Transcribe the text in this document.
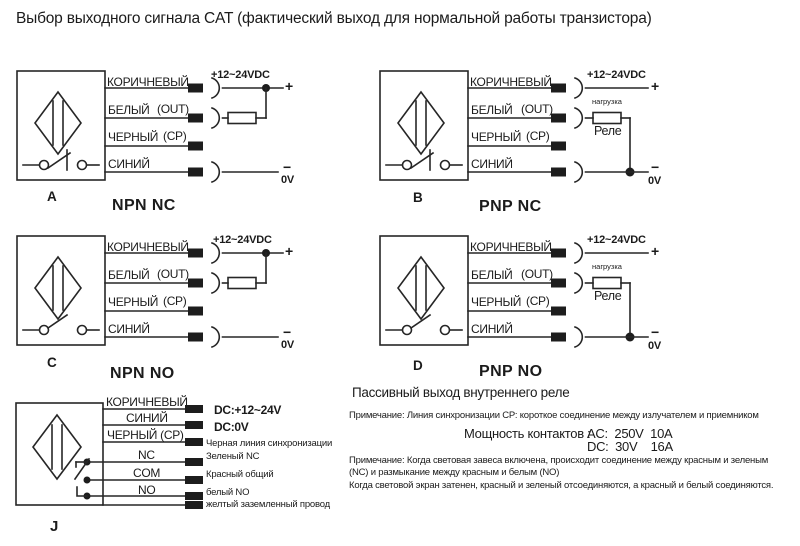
Выбор выходного сигнала CAT (фактический выход для нормальной работы транзистора)
КОРИЧНЕВЫЙ
БЕЛЫЙ (OUT)
ЧЕРНЫЙ (СР)
СИНИЙ
+12~24VDC
+
−
0V
A
NPN NC
КОРИЧНЕВЫЙ
БЕЛЫЙ (OUT)
ЧЕРНЫЙ (СР)
СИНИЙ
+12~24VDC
+
−
0V
нагрузка
Реле
B
PNP NC
КОРИЧНЕВЫЙ
БЕЛЫЙ (OUT)
ЧЕРНЫЙ (СР)
СИНИЙ
+12~24VDC
+
−
0V
C
NPN NO
КОРИЧНЕВЫЙ
БЕЛЫЙ (OUT)
ЧЕРНЫЙ (СР)
СИНИЙ
+12~24VDC
+
−
0V
нагрузка
Реле
D	PNP NO
КОРИЧНЕВЫЙ
СИНИЙ
ЧЕРНЫЙ (СР)
NC
COM
NO
DC:+12~24V
DC:0V
Черная линия синхронизации
Зеленый NC
Красный общий
белый NO
желтый заземленный провод
J
Пассивный выход внутреннего реле
Примечание: Линия синхронизации СР: короткое соединение между излучателем и приемником
Мощность контактов :
AC:  250V  10A
DC:  30V    16A
Примечание: Когда световая завеса включена, происходит соединение между красным и зеленым
(NC) и размыкание между красным и белым (NO)
Когда световой экран затенен, красный и зеленый отсоединяются, а красный и белый соединяются.
